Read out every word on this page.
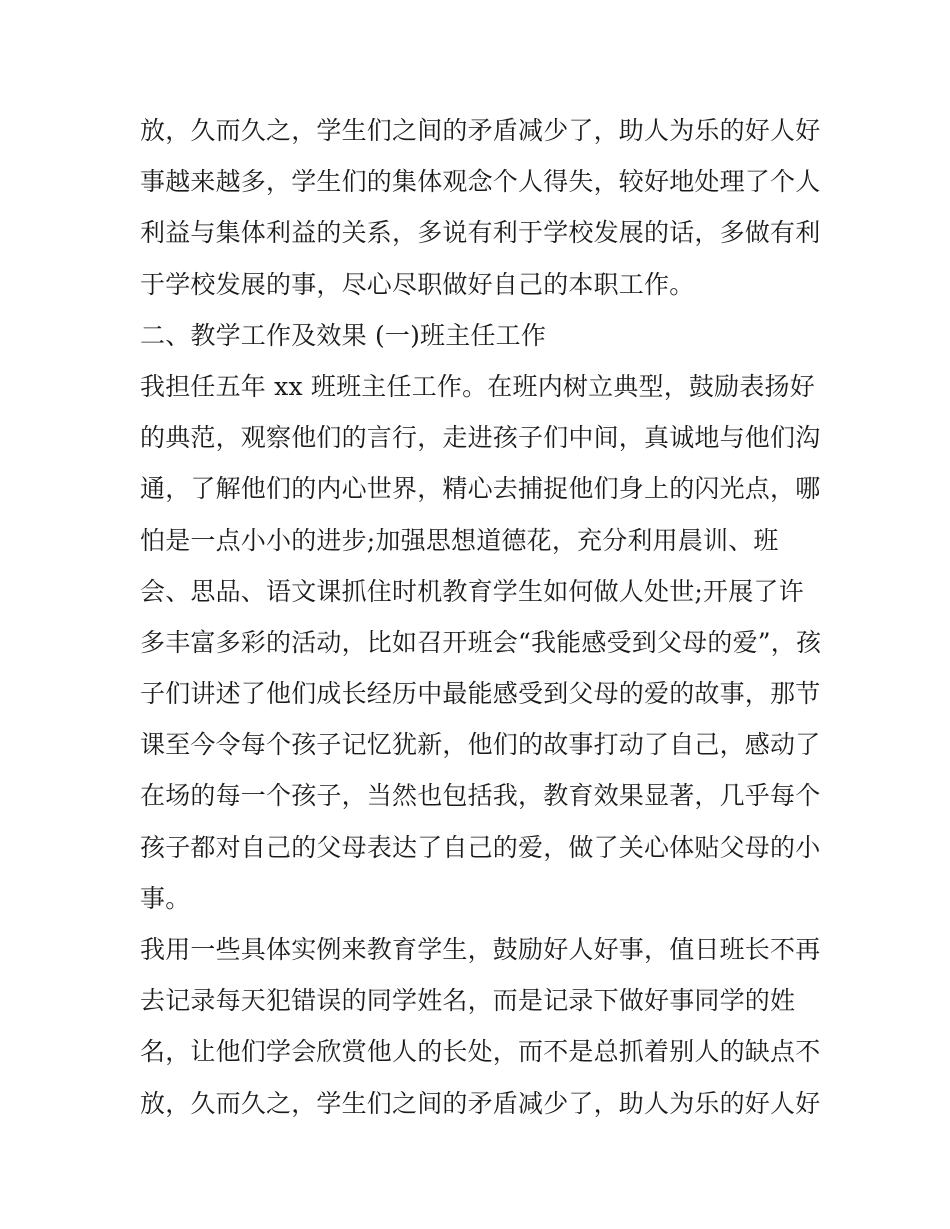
放，久而久之，学生们之间的矛盾减少了，助人为乐的好人好
事越来越多，学生们的集体观念个人得失，较好地处理了个人
利益与集体利益的关系，多说有利于学校发展的话，多做有利
于学校发展的事，尽心尽职做好自己的本职工作。
二、教学工作及效果 (一)班主任工作
我担任五年 xx 班班主任工作。在班内树立典型，鼓励表扬好
的典范，观察他们的言行，走进孩子们中间，真诚地与他们沟
通，了解他们的内心世界，精心去捕捉他们身上的闪光点，哪
怕是一点小小的进步;加强思想道德花，充分利用晨训、班
会、思品、语文课抓住时机教育学生如何做人处世;开展了许
多丰富多彩的活动，比如召开班会“我能感受到父母的爱”，孩
子们讲述了他们成长经历中最能感受到父母的爱的故事，那节
课至今令每个孩子记忆犹新，他们的故事打动了自己，感动了
在场的每一个孩子，当然也包括我，教育效果显著，几乎每个
孩子都对自己的父母表达了自己的爱，做了关心体贴父母的小
事。
我用一些具体实例来教育学生，鼓励好人好事，值日班长不再
去记录每天犯错误的同学姓名，而是记录下做好事同学的姓
名，让他们学会欣赏他人的长处，而不是总抓着别人的缺点不
放，久而久之，学生们之间的矛盾减少了，助人为乐的好人好
